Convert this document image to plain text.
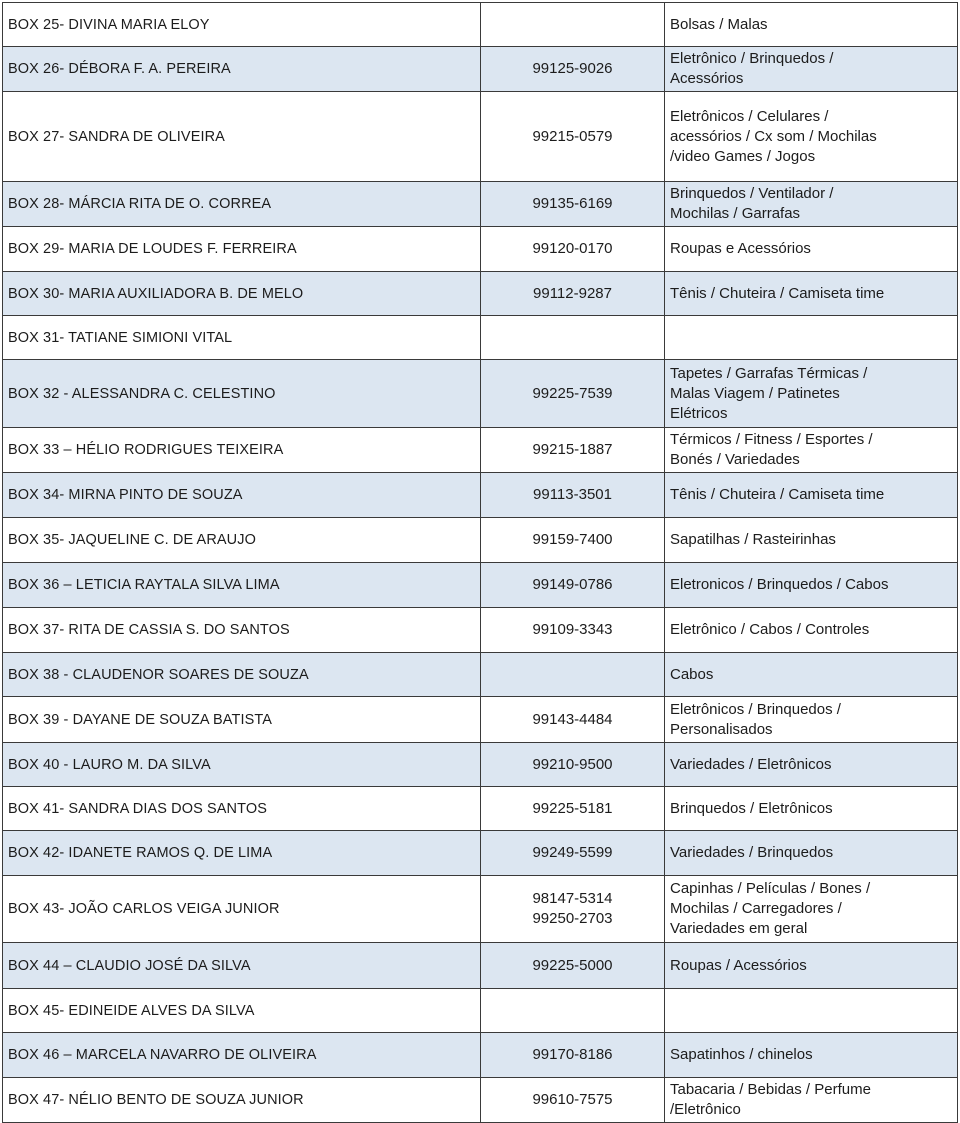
BOX 25- DIVINA MARIA ELOY		Bolsas / Malas
BOX 26- DÉBORA F. A. PEREIRA	99125-9026	Eletrônico / Brinquedos /
Acessórios
BOX 27- SANDRA DE OLIVEIRA	99215-0579	Eletrônicos / Celulares /
acessórios / Cx som / Mochilas
/video Games / Jogos
BOX 28- MÁRCIA RITA DE O. CORREA	99135-6169	Brinquedos / Ventilador /
Mochilas / Garrafas
BOX 29- MARIA DE LOUDES F. FERREIRA	99120-0170	Roupas e Acessórios
BOX 30- MARIA AUXILIADORA B. DE MELO	99112-9287	Tênis / Chuteira / Camiseta time
BOX 31- TATIANE SIMIONI VITAL		
BOX 32 - ALESSANDRA C. CELESTINO	99225-7539	Tapetes / Garrafas Térmicas /
Malas Viagem / Patinetes
Elétricos
BOX 33 – HÉLIO RODRIGUES TEIXEIRA	99215-1887	Térmicos / Fitness / Esportes /
Bonés / Variedades
BOX 34- MIRNA PINTO DE SOUZA	99113-3501	Tênis / Chuteira / Camiseta time
BOX 35- JAQUELINE C. DE ARAUJO	99159-7400	Sapatilhas / Rasteirinhas
BOX 36 – LETICIA RAYTALA SILVA LIMA	99149-0786	Eletronicos / Brinquedos / Cabos
BOX 37- RITA DE CASSIA S. DO SANTOS	99109-3343	Eletrônico / Cabos / Controles
BOX 38 - CLAUDENOR SOARES DE SOUZA		Cabos
BOX 39 - DAYANE DE SOUZA BATISTA	99143-4484	Eletrônicos / Brinquedos /
Personalisados
BOX 40 - LAURO M. DA SILVA	99210-9500	Variedades / Eletrônicos
BOX 41- SANDRA DIAS DOS SANTOS	99225-5181	Brinquedos / Eletrônicos
BOX 42- IDANETE RAMOS Q. DE LIMA	99249-5599	Variedades / Brinquedos
BOX 43- JOÃO CARLOS VEIGA JUNIOR	98147-5314
99250-2703	Capinhas / Películas / Bones /
Mochilas / Carregadores /
Variedades em geral
BOX 44 – CLAUDIO JOSÉ DA SILVA	99225-5000	Roupas / Acessórios
BOX 45- EDINEIDE ALVES DA SILVA		
BOX 46 – MARCELA NAVARRO DE OLIVEIRA	99170-8186	Sapatinhos / chinelos
BOX 47- NÉLIO BENTO DE SOUZA JUNIOR	99610-7575	Tabacaria / Bebidas / Perfume
/Eletrônico
